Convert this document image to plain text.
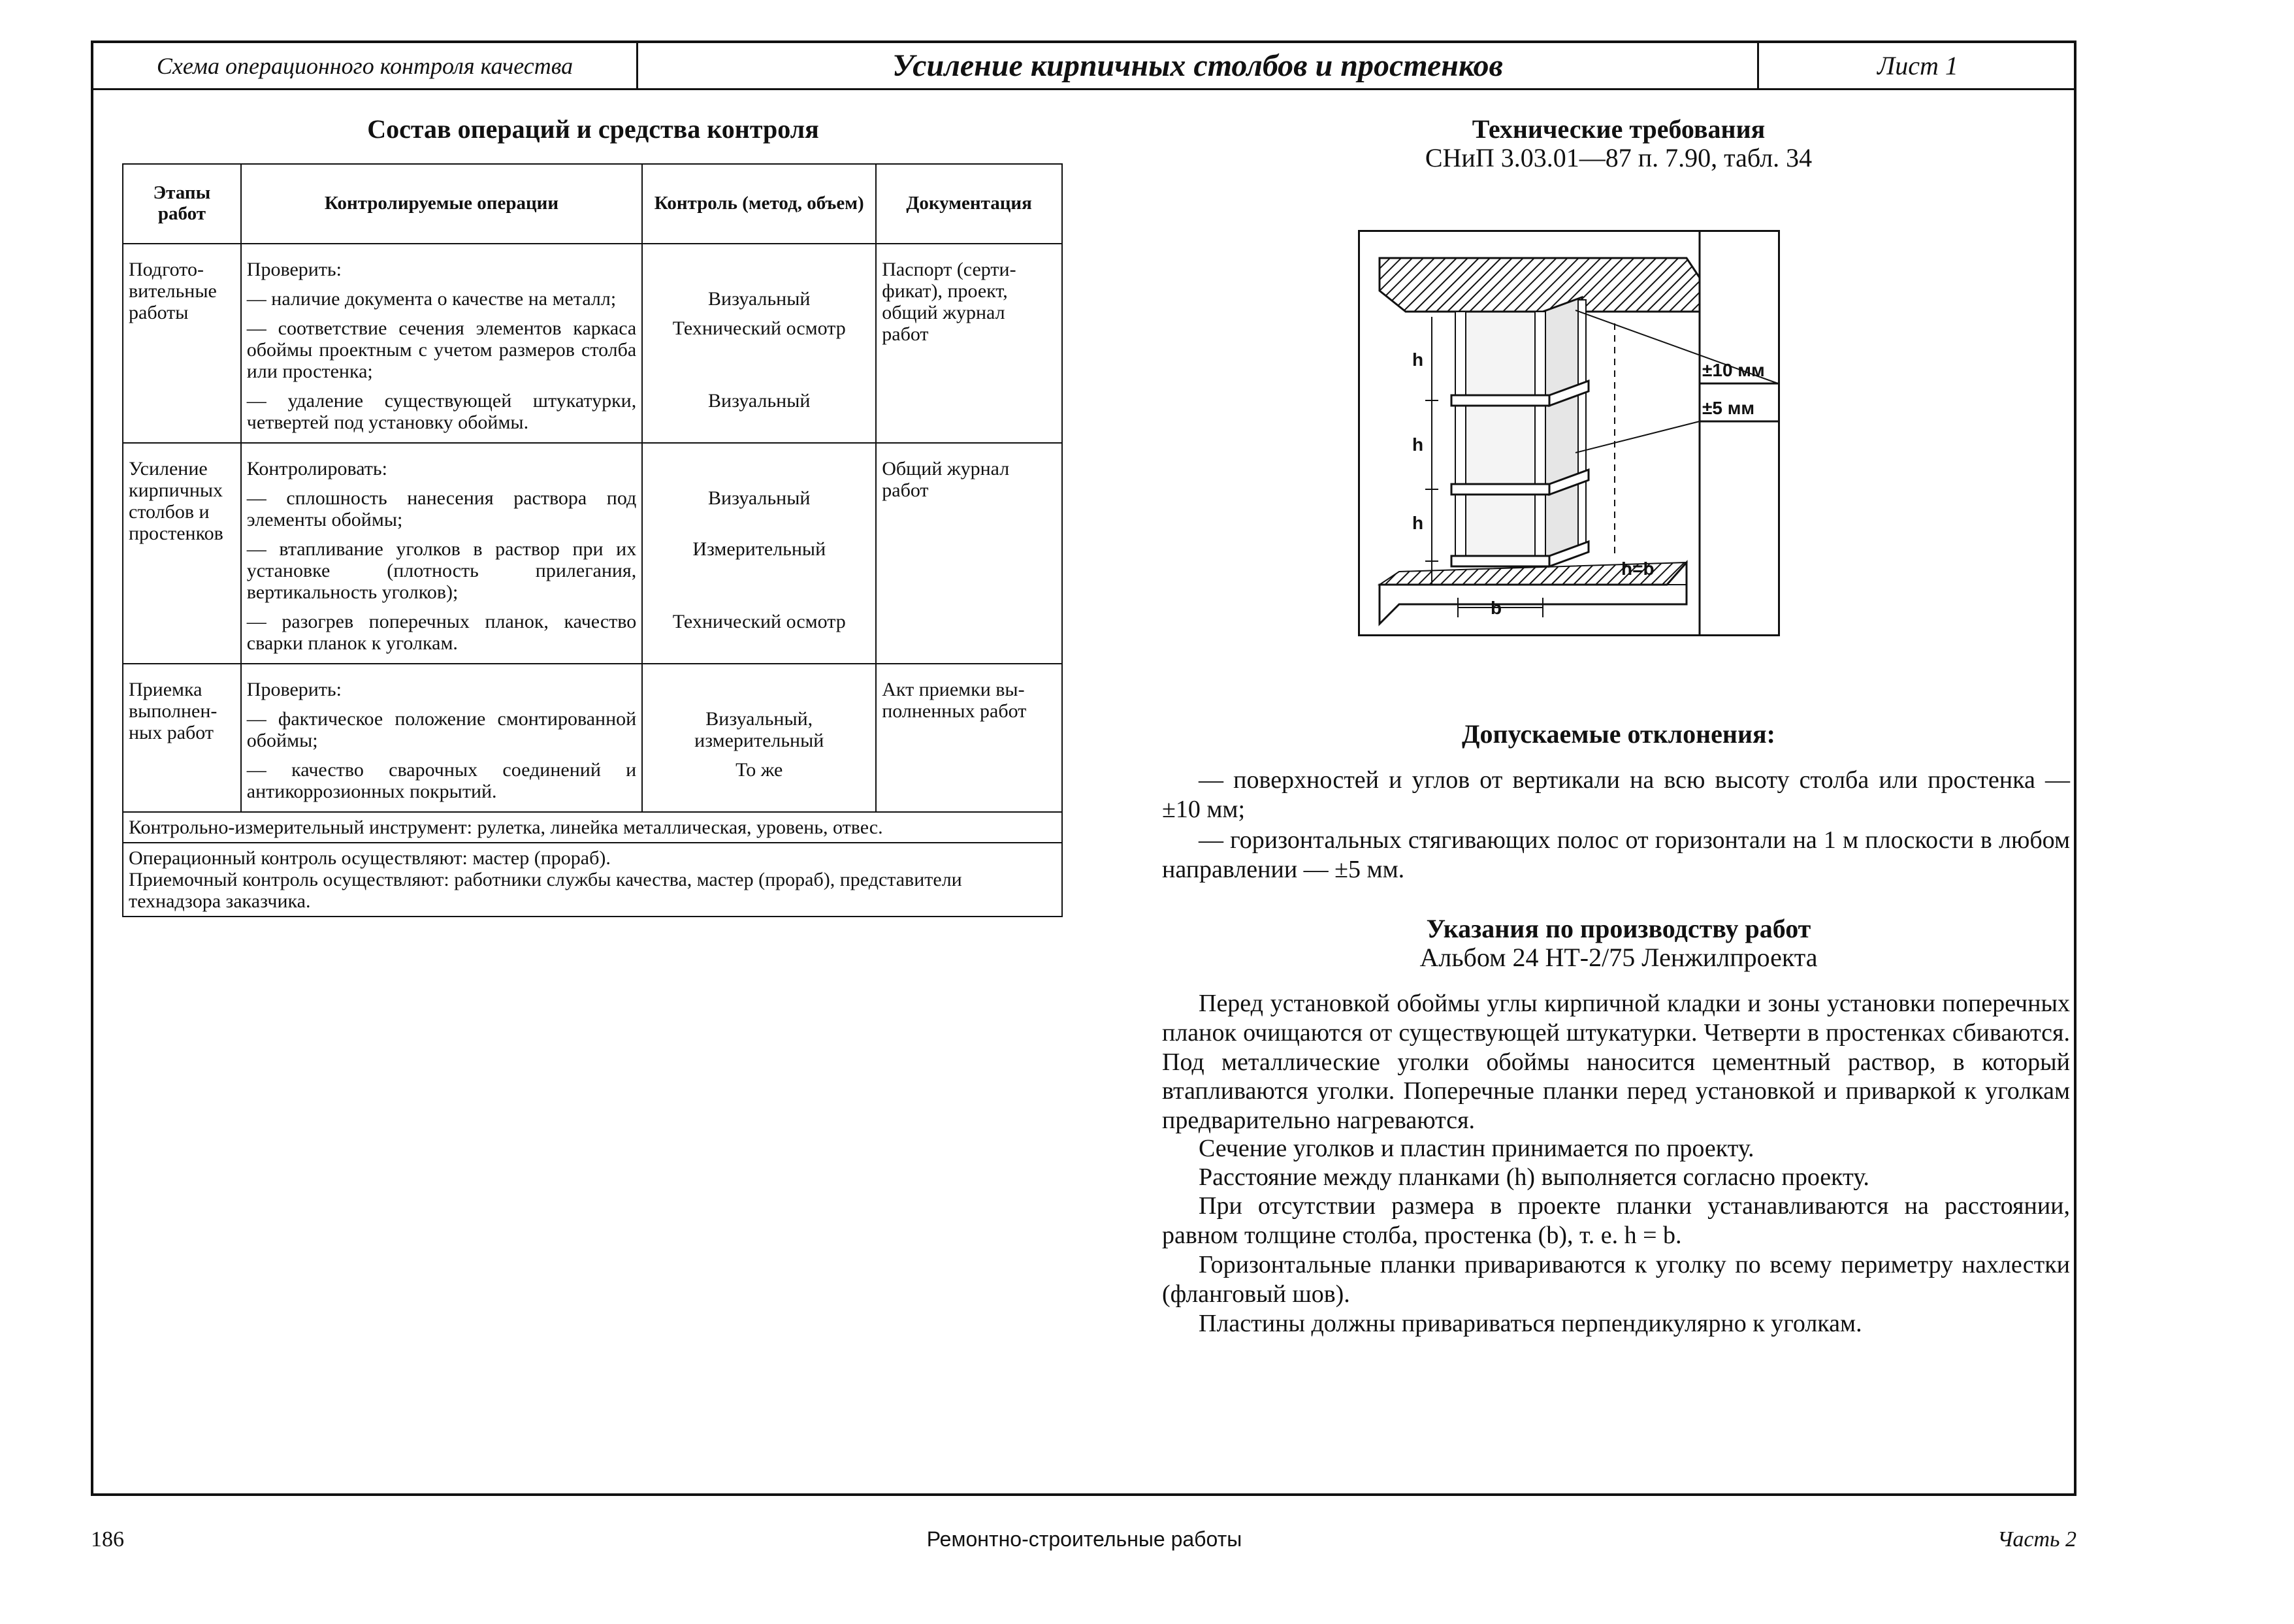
Схема операционного контроля качества	Усиление кирпичных столбов и простенков	Лист 1
Состав операций и средства контроля
Этапы работ	Контролируемые операции	Контроль (метод, объем)	Документация
Подготовительные работы	Проверить:		Паспорт (сертификат), проект, общий журнал работ
	— наличие документа о качестве на металл;	Визуальный	
	— соответствие сечения элементов каркаса обоймы проектным с учетом размеров столба или простенка;	Технический осмотр	
	— удаление существующей штукатурки, четвертей под установку обоймы.	Визуальный	
Усиление кирпичных столбов и простенков	Контролировать:		Общий журнал работ
	— сплошность нанесения раствора под элементы обоймы;	Визуальный	
	— втапливание уголков в раствор при их установке (плотность прилегания, вертикальность уголков);	Измерительный	
	— разогрев поперечных планок, качество сварки планок к уголкам.	Технический осмотр	
Приемка выполненных работ	Проверить:		Акт приемки выполненных работ
	— фактическое положение смонтированной обоймы;	Визуальный, измерительный	
	— качество сварочных соединений и антикоррозионных покрытий.	То же	
Контрольно-измерительный инструмент: рулетка, линейка металлическая, уровень, отвес.			

Операционный контроль осуществляют: мастер (прораб).
Приемочный контроль осуществляют: работники службы качества, мастер (прораб), представители технадзора заказчика.			
Технические требования
СНиП 3.03.01—87 п. 7.90, табл. 34
h
h
h
b
h=b
±10 мм
±5 мм
Допускаемые отклонения:
— поверхностей и углов от вертикали на всю высоту столба или простенка — ±10 мм;
— горизонтальных стягивающих полос от горизонтали на 1 м плоскости в любом направлении — ±5 мм.
Указания по производству работ
Альбом 24 НТ-2/75 Ленжилпроекта
Перед установкой обоймы углы кирпичной кладки и зоны установки поперечных планок очищаются от существующей штукатурки. Четверти в простенках сбиваются. Под металлические уголки обоймы наносится цементный раствор, в который втапливаются уголки. Поперечные планки перед установкой и приваркой к уголкам предварительно нагреваются.
Сечение уголков и пластин принимается по проекту.
Расстояние между планками (h) выполняется согласно проекту.
При отсутствии размера в проекте планки устанавливаются на расстоянии, равном толщине столба, простенка (b), т. е. h = b.
Горизонтальные планки привариваются к уголку по всему периметру нахлестки (фланговый шов).
Пластины должны привариваться перпендикулярно к уголкам.
186	Ремонтно-строительные работы	Часть 2
